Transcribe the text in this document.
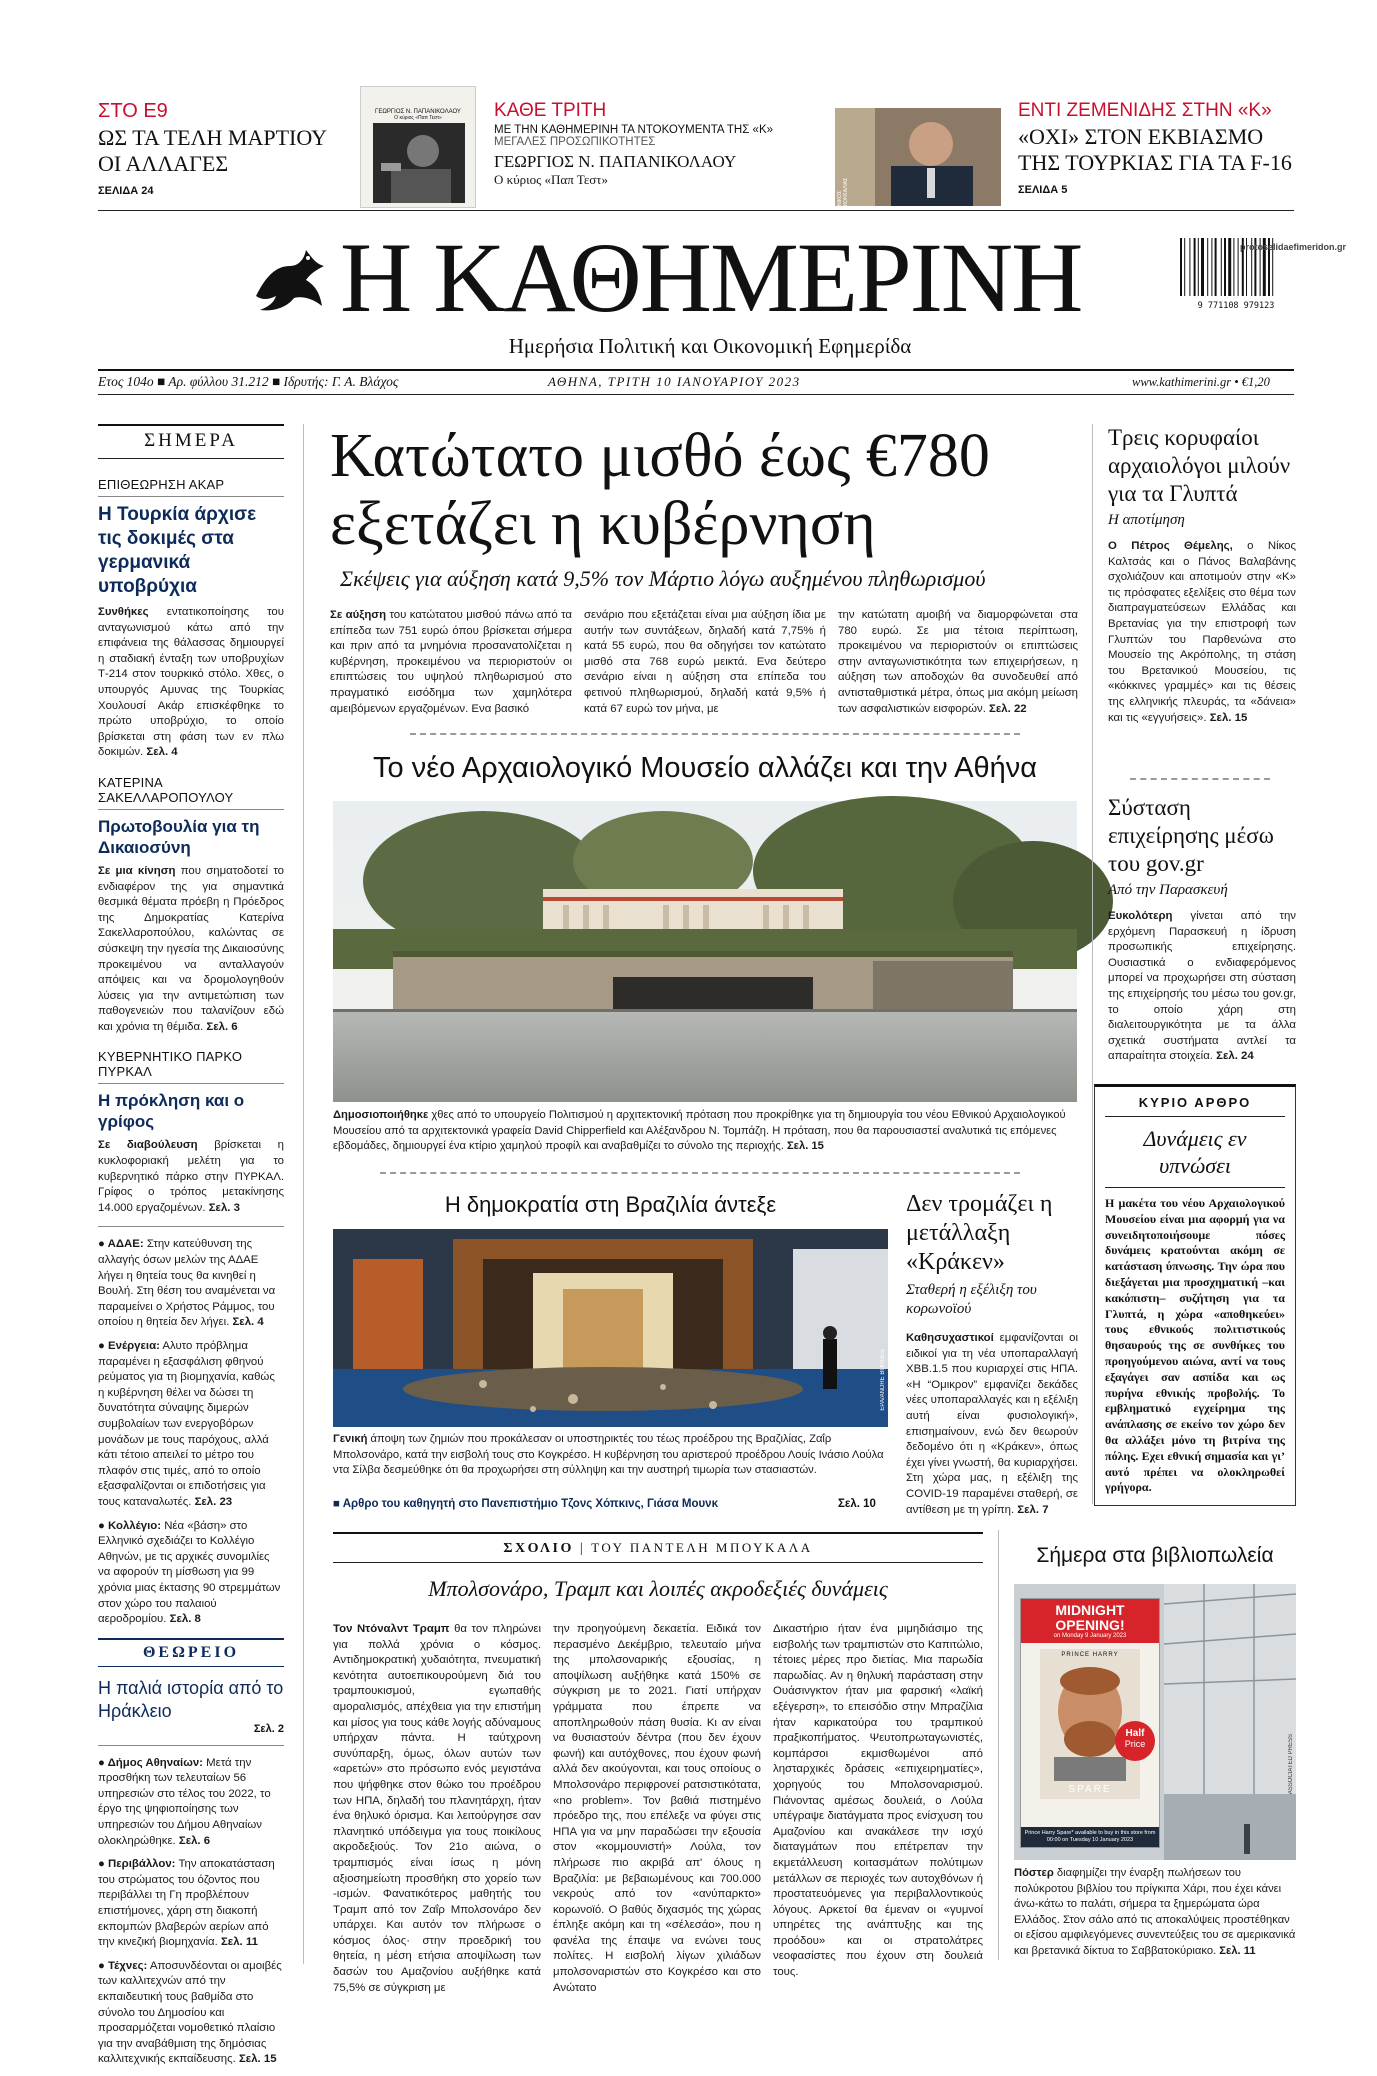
ΣΤΟ Ε9
ΩΣ ΤΑ ΤΕΛΗ ΜΑΡΤΙΟΥ ΟΙ ΑΛΛΑΓΕΣ
ΣΕΛΙΔΑ 24
ΓΕΩΡΓΙΟΣ Ν. ΠΑΠΑΝΙΚΟΛΑΟΥ
Ο κύριος «Παπ Τεστ»	ΚΑΘΕ ΤΡΙΤΗ
ΜΕ ΤΗΝ ΚΑΘΗΜΕΡΙΝΗ ΤΑ ΝΤΟΚΟΥΜΕΝΤΑ ΤΗΣ «Κ»
ΜΕΓΑΛΕΣ ΠΡΟΣΩΠΙΚΟΤΗΤΕΣ
ΓΕΩΡΓΙΟΣ Ν. ΠΑΠΑΝΙΚΟΛΑΟΥ
Ο κύριος «Παπ Τεστ»
ΝΙΚΟΣ ΚΟΚΚΑΛΙΑΣ
ΕΝΤΙ ΖΕΜΕΝΙΔΗΣ ΣΤΗΝ «Κ»
«ΟΧΙ» ΣΤΟΝ ΕΚΒΙΑΣΜΟ ΤΗΣ ΤΟΥΡΚΙΑΣ ΓΙΑ ΤΑ F-16
ΣΕΛΙΔΑ 5
Η ΚΑΘΗΜΕΡΙΝΗ
Ημερήσια Πολιτική και Οικονομική Εφημερίδα
9 771108 979123
protoselidaefimeridon.gr
Ετος 104ο ■ Αρ. φύλλου 31.212 ■ Ιδρυτής: Γ. Α. Βλάχος	ΑΘΗΝΑ, ΤΡΙΤΗ 10 ΙΑΝΟΥΑΡΙΟΥ 2023	www.kathimerini.gr • €1,20
ΣΗΜΕΡΑ
ΕΠΙΘΕΩΡΗΣΗ ΑΚΑΡ
Η Τουρκία άρχισε τις δοκιμές στα γερμανικά υποβρύχια
Συνθήκες εντατικοποίησης του ανταγωνισμού κάτω από την επιφάνεια της θάλασσας δημιουργεί η σταδιακή ένταξη των υποβρυχίων Τ-214 στον τουρκικό στόλο. Χθες, ο υπουργός Αμυνας της Τουρκίας Χουλουσί Ακάρ επισκέφθηκε το πρώτο υποβρύχιο, το οποίο βρίσκεται στη φάση των εν πλω δοκιμών. Σελ. 4
ΚΑΤΕΡΙΝΑ ΣΑΚΕΛΛΑΡΟΠΟΥΛΟΥ
Πρωτοβουλία για τη Δικαιοσύνη
Σε μια κίνηση που σηματοδοτεί το ενδιαφέρον της για σημαντικά θεσμικά θέματα πρόεβη η Πρόεδρος της Δημοκρατίας Κατερίνα Σακελλαροπούλου, καλώντας σε σύσκεψη την ηγεσία της Δικαιοσύνης προκειμένου να ανταλλαγούν απόψεις και να δρομολογηθούν λύσεις για την αντιμετώπιση των παθογενειών που ταλανίζουν εδώ και χρόνια τη θέμιδα. Σελ. 6
ΚΥΒΕΡΝΗΤΙΚΟ ΠΑΡΚΟ ΠΥΡΚΑΛ
Η πρόκληση και ο γρίφος
Σε διαβούλευση βρίσκεται η κυκλοφοριακή μελέτη για το κυβερνητικό πάρκο στην ΠΥΡΚΑΛ. Γρίφος ο τρόπος μετακίνησης 14.000 εργαζομένων. Σελ. 3
● ΑΔΑΕ: Στην κατεύθυνση της αλλαγής όσων μελών της ΑΔΑΕ λήγει η θητεία τους θα κινηθεί η Βουλή. Στη θέση του αναμένεται να παραμείνει ο Χρήστος Ράμμος, του οποίου η θητεία δεν λήγει. Σελ. 4
● Ενέργεια: Αλυτο πρόβλημα παραμένει η εξασφάλιση φθηνού ρεύματος για τη βιομηχανία, καθώς η κυβέρνηση θέλει να δώσει τη δυνατότητα σύναψης διμερών συμβολαίων των ενεργοβόρων μονάδων με τους παρόχους, αλλά κάτι τέτοιο απειλεί το μέτρο του πλαφόν στις τιμές, από το οποίο εξασφαλίζονται οι επιδοτήσεις για τους καταναλωτές. Σελ. 23
● Κολλέγιο: Νέα «βάση» στο Ελληνικό σχεδιάζει το Κολλέγιο Αθηνών, με τις αρχικές συνομιλίες να αφορούν τη μίσθωση για 99 χρόνια μιας έκτασης 90 στρεμμάτων στον χώρο του παλαιού αεροδρομίου. Σελ. 8
ΘΕΩΡΕΙΟ
Η παλιά ιστορία από το Ηράκλειο
Σελ. 2
● Δήμος Αθηναίων: Μετά την προσθήκη των τελευταίων 56 υπηρεσιών στο τέλος του 2022, το έργο της ψηφιοποίησης των υπηρεσιών του Δήμου Αθηναίων ολοκληρώθηκε. Σελ. 6
● Περιβάλλον: Την αποκατάσταση του στρώματος του όζοντος που περιβάλλει τη Γη προβλέπουν επιστήμονες, χάρη στη διακοπή εκπομπών βλαβερών αερίων από την κινεζική βιομηχανία. Σελ. 11
● Τέχνες: Αποσυνδέονται οι αμοιβές των καλλιτεχνών από την εκπαιδευτική τους βαθμίδα στο σύνολο του Δημοσίου και προσαρμόζεται νομοθετικό πλαίσιο για την αναβάθμιση της δημόσιας καλλιτεχνικής εκπαίδευσης. Σελ. 15
Κατώτατο μισθό έως €780 εξετάζει η κυβέρνηση
Σκέψεις για αύξηση κατά 9,5% τον Μάρτιο λόγω αυξημένου πληθωρισμού
Σε αύξηση του κατώτατου μισθού πάνω από τα επίπεδα των 751 ευρώ όπου βρίσκεται σήμερα και πριν από τα μνημόνια προσανατολίζεται η κυβέρνηση, προκειμένου να περιοριστούν οι επιπτώσεις του υψηλού πληθωρισμού στο πραγματικό εισόδημα των χαμηλότερα αμειβόμενων εργαζομένων. Ενα βασικό
σενάριο που εξετάζεται είναι μια αύξηση ίδια με αυτήν των συντάξεων, δηλαδή κατά 7,75% ή κατά 55 ευρώ, που θα οδηγήσει τον κατώτατο μισθό στα 768 ευρώ μεικτά. Ενα δεύτερο σενάριο είναι η αύξηση στα επίπεδα του φετινού πληθωρισμού, δηλαδή κατά 9,5% ή κατά 67 ευρώ τον μήνα, με
την κατώτατη αμοιβή να διαμορφώνεται στα 780 ευρώ. Σε μια τέτοια περίπτωση, προκειμένου να περιοριστούν οι επιπτώσεις στην ανταγωνιστικότητα των επιχειρήσεων, η αύξηση των αποδοχών θα συνοδευθεί από αντισταθμιστικά μέτρα, όπως μια ακόμη μείωση των ασφαλιστικών εισφορών. Σελ. 22
Το νέο Αρχαιολογικό Μουσείο αλλάζει και την Αθήνα
Δημοσιοποιήθηκε χθες από το υπουργείο Πολιτισμού η αρχιτεκτονική πρόταση που προκρίθηκε για τη δημιουργία του νέου Εθνικού Αρχαιολογικού Μουσείου από τα αρχιτεκτονικά γραφεία David Chipperfield και Αλέξανδρου Ν. Τομπάζη. Η πρόταση, που θα παρουσιαστεί αναλυτικά τις επόμενες εβδομάδες, δημιουργεί ένα κτίριο χαμηλού προφίλ και αναβαθμίζει το σύνολο της περιοχής. Σελ. 15
Η δημοκρατία στη Βραζιλία άντεξε
EPA/ANDRE BORGES
Γενική άποψη των ζημιών που προκάλεσαν οι υποστηρικτές του τέως προέδρου της Βραζιλίας, Ζαΐρ Μπολσονάρο, κατά την εισβολή τους στο Κογκρέσο. Η κυβέρνηση του αριστερού προέδρου Λουίς Ινάσιο Λούλα ντα Σίλβα δεσμεύθηκε ότι θα προχωρήσει στη σύλληψη και την αυστηρή τιμωρία των στασιαστών.
■ Αρθρο του καθηγητή στο Πανεπιστήμιο Τζονς Χόπκινς, Γιάσα Μουνκ	Σελ. 10
Δεν τρομάζει η μετάλλαξη «Κράκεν»
Σταθερή η εξέλιξη του κορωνοϊού
Καθησυχαστικοί εμφανίζονται οι ειδικοί για τη νέα υποπαραλλαγή XBB.1.5 που κυριαρχεί στις ΗΠΑ. «Η “Ομικρον” εμφανίζει δεκάδες νέες υποπαραλλαγές και η εξέλιξη αυτή είναι φυσιολογική», επισημαίνουν, ενώ δεν θεωρούν δεδομένο ότι η «Κράκεν», όπως έχει γίνει γνωστή, θα κυριαρχήσει. Στη χώρα μας, η εξέλιξη της COVID-19 παραμένει σταθερή, σε αντίθεση με τη γρίπη. Σελ. 7
Τρεις κορυφαίοι αρχαιολόγοι μιλούν για τα Γλυπτά
Η αποτίμηση
Ο Πέτρος Θέμελης, ο Νίκος Καλτσάς και ο Πάνος Βαλαβάνης σχολιάζουν και αποτιμούν στην «Κ» τις πρόσφατες εξελίξεις στο θέμα των διαπραγματεύσεων Ελλάδας και Βρετανίας για την επιστροφή των Γλυπτών του Παρθενώνα στο Μουσείο της Ακρόπολης, τη στάση του Βρετανικού Μουσείου, τις «κόκκινες γραμμές» και τις θέσεις της ελληνικής πλευράς, τα «δάνεια» και τις «εγγυήσεις». Σελ. 15
Σύσταση επιχείρησης μέσω του gov.gr
Από την Παρασκευή
Ευκολότερη γίνεται από την ερχόμενη Παρασκευή η ίδρυση προσωπικής επιχείρησης. Ουσιαστικά ο ενδιαφερόμενος μπορεί να προχωρήσει στη σύσταση της επιχείρησής του μέσω του gov.gr, το οποίο χάρη στη διαλειτουργικότητα με τα άλλα σχετικά συστήματα αντλεί τα απαραίτητα στοιχεία. Σελ. 24
ΚΥΡΙΟ ΑΡΘΡΟ
Δυνάμεις εν υπνώσει
Η μακέτα του νέου Αρχαιολογικού Μουσείου είναι μια αφορμή για να συνειδητοποιήσουμε πόσες δυνάμεις κρατούνται ακόμη σε κατάσταση ύπνωσης. Την ώρα που διεξάγεται μια προσχηματική –και κακόπιστη– συζήτηση για τα Γλυπτά, η χώρα «αποθηκεύει» τους εθνικούς πολιτιστικούς θησαυρούς της σε συνθήκες του προηγούμενου αιώνα, αντί να τους εξαγάγει σαν ασπίδα και ως πυρήνα εθνικής προβολής. Το εμβληματικό εγχείρημα της ανάπλασης σε εκείνο τον χώρο δεν θα αλλάξει μόνο τη βιτρίνα της πόλης. Εχει εθνική σημασία και γι’ αυτό πρέπει να ολοκληρωθεί γρήγορα.
ΣΧΟΛΙΟ | ΤΟΥ ΠΑΝΤΕΛΗ ΜΠΟΥΚΑΛΑ
Μπολσονάρο, Τραμπ και λοιπές ακροδεξιές δυνάμεις
Τον Ντόναλντ Τραμπ θα τον πληρώνει για πολλά χρόνια ο κόσμος. Αντιδημοκρατική χυδαιότητα, πνευματική κενότητα αυτοεπικουρούμενη διά του τραμπουκισμού, εγωπαθής αμοραλισμός, απέχθεια για την επιστήμη και μίσος για τους κάθε λογής αδύναμους υπήρχαν πάντα. Η ταύτχρονη συνύπαρξη, όμως, όλων αυτών των «αρετών» στο πρόσωπο ενός μεγιστάνα που ψήφθηκε στον θώκο του προέδρου των ΗΠΑ, δηλαδή του πλανητάρχη, ήταν ένα θηλυκό όρισμα. Και λειτούργησε σαν πλανητικό υπόδειγμα για τους ποικίλους ακροδεξιούς. Τον 21ο αιώνα, ο τραμπισμός είναι ίσως η μόνη αξιοσημείωτη προσθήκη στο χορείο των -ισμών. Φανατικότερος μαθητής του Τραμπ από τον Ζαΐρ Μπολσονάρο δεν υπάρχει. Και αυτόν τον πλήρωσε ο κόσμος όλος· στην προεδρική του θητεία, η μέση ετήσια αποψίλωση των δασών του Αμαζονίου αυξήθηκε κατά 75,5% σε σύγκριση με
την προηγούμενη δεκαετία. Ειδικά τον περασμένο Δεκέμβριο, τελευταίο μήνα της μπολσοναρικής εξουσίας, η αποψίλωση αυξήθηκε κατά 150% σε σύγκριση με το 2021. Γιατί υπήρχαν γράμματα που έπρεπε να αποπληρωθούν πάση θυσία. Κι αν είναι να θυσιαστούν δέντρα (που δεν έχουν φωνή) και αυτόχθονες, που έχουν φωνή αλλά δεν ακούγονται, και τους οποίους ο Μπολσονάρο περιφρονεί ρατσιστικότατα, «no problem». Τον βαθιά πιστημένο πρόεδρο της, που επέλεξε να φύγει στις ΗΠΑ για να μην παραδώσει την εξουσία στον «κομμουνιστή» Λούλα, τον πλήρωσε πιο ακριβά απ' όλους η Βραζιλία: με βεβαιωμένους και 700.000 νεκρούς από τον «ανύπαρκτο» κορωνοϊό. Ο βαθύς διχασμός της χώρας έπληξε ακόμη και τη «σέλεσάο», που η φανέλα της έπαψε να ενώνει τους πολίτες. Η εισβολή λίγων χιλιάδων μπολσοναριστών στο Κογκρέσο και στο Ανώτατο
Δικαστήριο ήταν ένα μιμηδιάσιμο της εισβολής των τραμπιστών στο Καπιτώλιο, τέτοιες μέρες προ διετίας. Μια παρωδία παρωδίας. Αν η θηλυκή παράσταση στην Ουάσινγκτον ήταν μια φαρσική «λαϊκή εξέγερση», το επεισόδιο στην Μπραζίλια ήταν καρικατούρα του τραμπικού πραξικοπήματος. Ψευτοπρωταγωνιστές, κομπάρσοι εκμισθωμένοι από λησταρχικές δράσεις «επιχειρηματίες», χορηγούς του Μπολσοναρισμού. Πιάνοντας αμέσως δουλειά, ο Λούλα υπέγραψε διατάγματα προς ενίσχυση του Αμαζονίου και ανακάλεσε την ισχύ διαταγμάτων που επέτρεπαν την εκμετάλλευση κοιτασμάτων πολύτιμων μετάλλων σε περιοχές των αυτοχθόνων ή προστατευόμενες για περιβαλλοντικούς λόγους. Αρκετοί θα έμεναν οι «γυμνοί υπηρέτες της ανάπτυξης και της προόδου» και οι στρατολάτρες νεοφασίστες που έχουν στη δουλειά τους.
Σήμερα στα βιβλιοπωλεία
MIDNIGHT
OPENING!
on Monday 9 January 2023
PRINCE HARRY
SPARE
Half
Price
Prince Harry Spare* available to buy in this store from 00:00 on Tuesday 10 January 2023
ASSOCIATED PRESS
Πόστερ διαφημίζει την έναρξη πωλήσεων του πολύκροτου βιβλίου του πρίγκιπα Χάρι, που έχει κάνει άνω-κάτω το παλάτι, σήμερα τα ξημερώματα ώρα Ελλάδος. Στον σάλο από τις αποκαλύψεις προστέθηκαν οι εξίσου αμφιλεγόμενες συνεντεύξεις του σε αμερικανικά και βρετανικά δίκτυα το Σαββατοκύριακο. Σελ. 11
